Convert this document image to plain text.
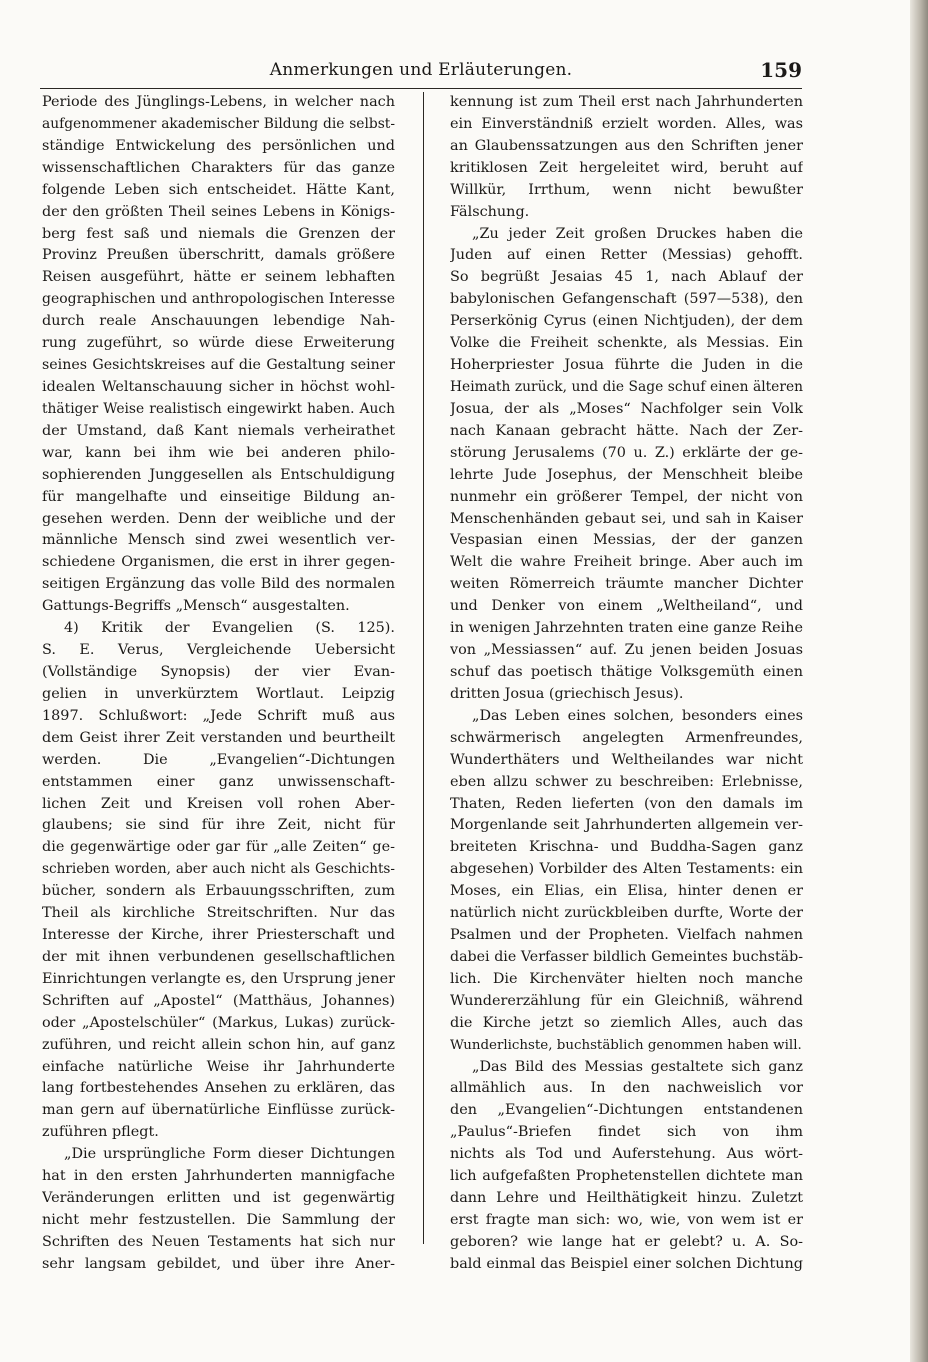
Anmerkungen und Erläuterungen.	159
Periode des Jünglings-Lebens, in welcher nach
aufgenommener akademischer Bildung die selbst-
ständige Entwickelung des persönlichen und
wissenschaftlichen Charakters für das ganze
folgende Leben sich entscheidet. Hätte Kant,
der den größten Theil seines Lebens in Königs-
berg fest saß und niemals die Grenzen der
Provinz Preußen überschritt, damals größere
Reisen ausgeführt, hätte er seinem lebhaften
geographischen und anthropologischen Interesse
durch reale Anschauungen lebendige Nah-
rung zugeführt, so würde diese Erweiterung
seines Gesichtskreises auf die Gestaltung seiner
idealen Weltanschauung sicher in höchst wohl-
thätiger Weise realistisch eingewirkt haben. Auch
der Umstand, daß Kant niemals verheirathet
war, kann bei ihm wie bei anderen philo-
sophierenden Junggesellen als Entschuldigung
für mangelhafte und einseitige Bildung an-
gesehen werden. Denn der weibliche und der
männliche Mensch sind zwei wesentlich ver-
schiedene Organismen, die erst in ihrer gegen-
seitigen Ergänzung das volle Bild des normalen
Gattungs-Begriffs „Mensch“ ausgestalten.
4) Kritik der Evangelien (S. 125).
S. E. Verus, Vergleichende Uebersicht
(Vollständige Synopsis) der vier Evan-
gelien in unverkürztem Wortlaut. Leipzig
1897. Schlußwort: „Jede Schrift muß aus
dem Geist ihrer Zeit verstanden und beurtheilt
werden. Die „Evangelien“-Dichtungen
entstammen einer ganz unwissenschaft-
lichen Zeit und Kreisen voll rohen Aber-
glaubens; sie sind für ihre Zeit, nicht für
die gegenwärtige oder gar für „alle Zeiten“ ge-
schrieben worden, aber auch nicht als Geschichts-
bücher, sondern als Erbauungsschriften, zum
Theil als kirchliche Streitschriften. Nur das
Interesse der Kirche, ihrer Priesterschaft und
der mit ihnen verbundenen gesellschaftlichen
Einrichtungen verlangte es, den Ursprung jener
Schriften auf „Apostel“ (Matthäus, Johannes)
oder „Apostelschüler“ (Markus, Lukas) zurück-
zuführen, und reicht allein schon hin, auf ganz
einfache natürliche Weise ihr Jahrhunderte
lang fortbestehendes Ansehen zu erklären, das
man gern auf übernatürliche Einflüsse zurück-
zuführen pflegt.
„Die ursprüngliche Form dieser Dichtungen
hat in den ersten Jahrhunderten mannigfache
Veränderungen erlitten und ist gegenwärtig
nicht mehr festzustellen. Die Sammlung der
Schriften des Neuen Testaments hat sich nur
sehr langsam gebildet, und über ihre Aner-
kennung ist zum Theil erst nach Jahrhunderten
ein Einverständniß erzielt worden. Alles, was
an Glaubenssatzungen aus den Schriften jener
kritiklosen Zeit hergeleitet wird, beruht auf
Willkür, Irrthum, wenn nicht bewußter
Fälschung.
„Zu jeder Zeit großen Druckes haben die
Juden auf einen Retter (Messias) gehofft.
So begrüßt Jesaias 45 1, nach Ablauf der
babylonischen Gefangenschaft (597—538), den
Perserkönig Cyrus (einen Nichtjuden), der dem
Volke die Freiheit schenkte, als Messias. Ein
Hoherpriester Josua führte die Juden in die
Heimath zurück, und die Sage schuf einen älteren
Josua, der als „Moses“ Nachfolger sein Volk
nach Kanaan gebracht hätte. Nach der Zer-
störung Jerusalems (70 u. Z.) erklärte der ge-
lehrte Jude Josephus, der Menschheit bleibe
nunmehr ein größerer Tempel, der nicht von
Menschenhänden gebaut sei, und sah in Kaiser
Vespasian einen Messias, der der ganzen
Welt die wahre Freiheit bringe. Aber auch im
weiten Römerreich träumte mancher Dichter
und Denker von einem „Weltheiland“, und
in wenigen Jahrzehnten traten eine ganze Reihe
von „Messiassen“ auf. Zu jenen beiden Josuas
schuf das poetisch thätige Volksgemüth einen
dritten Josua (griechisch Jesus).
„Das Leben eines solchen, besonders eines
schwärmerisch angelegten Armenfreundes,
Wunderthäters und Weltheilandes war nicht
eben allzu schwer zu beschreiben: Erlebnisse,
Thaten, Reden lieferten (von den damals im
Morgenlande seit Jahrhunderten allgemein ver-
breiteten Krischna- und Buddha-Sagen ganz
abgesehen) Vorbilder des Alten Testaments: ein
Moses, ein Elias, ein Elisa, hinter denen er
natürlich nicht zurückbleiben durfte, Worte der
Psalmen und der Propheten. Vielfach nahmen
dabei die Verfasser bildlich Gemeintes buchstäb-
lich. Die Kirchenväter hielten noch manche
Wundererzählung für ein Gleichniß, während
die Kirche jetzt so ziemlich Alles, auch das
Wunderlichste, buchstäblich genommen haben will.
„Das Bild des Messias gestaltete sich ganz
allmählich aus. In den nachweislich vor
den „Evangelien“-Dichtungen entstandenen
„Paulus“-Briefen findet sich von ihm
nichts als Tod und Auferstehung. Aus wört-
lich aufgefaßten Prophetenstellen dichtete man
dann Lehre und Heilthätigkeit hinzu. Zuletzt
erst fragte man sich: wo, wie, von wem ist er
geboren? wie lange hat er gelebt? u. A. So-
bald einmal das Beispiel einer solchen Dichtung
